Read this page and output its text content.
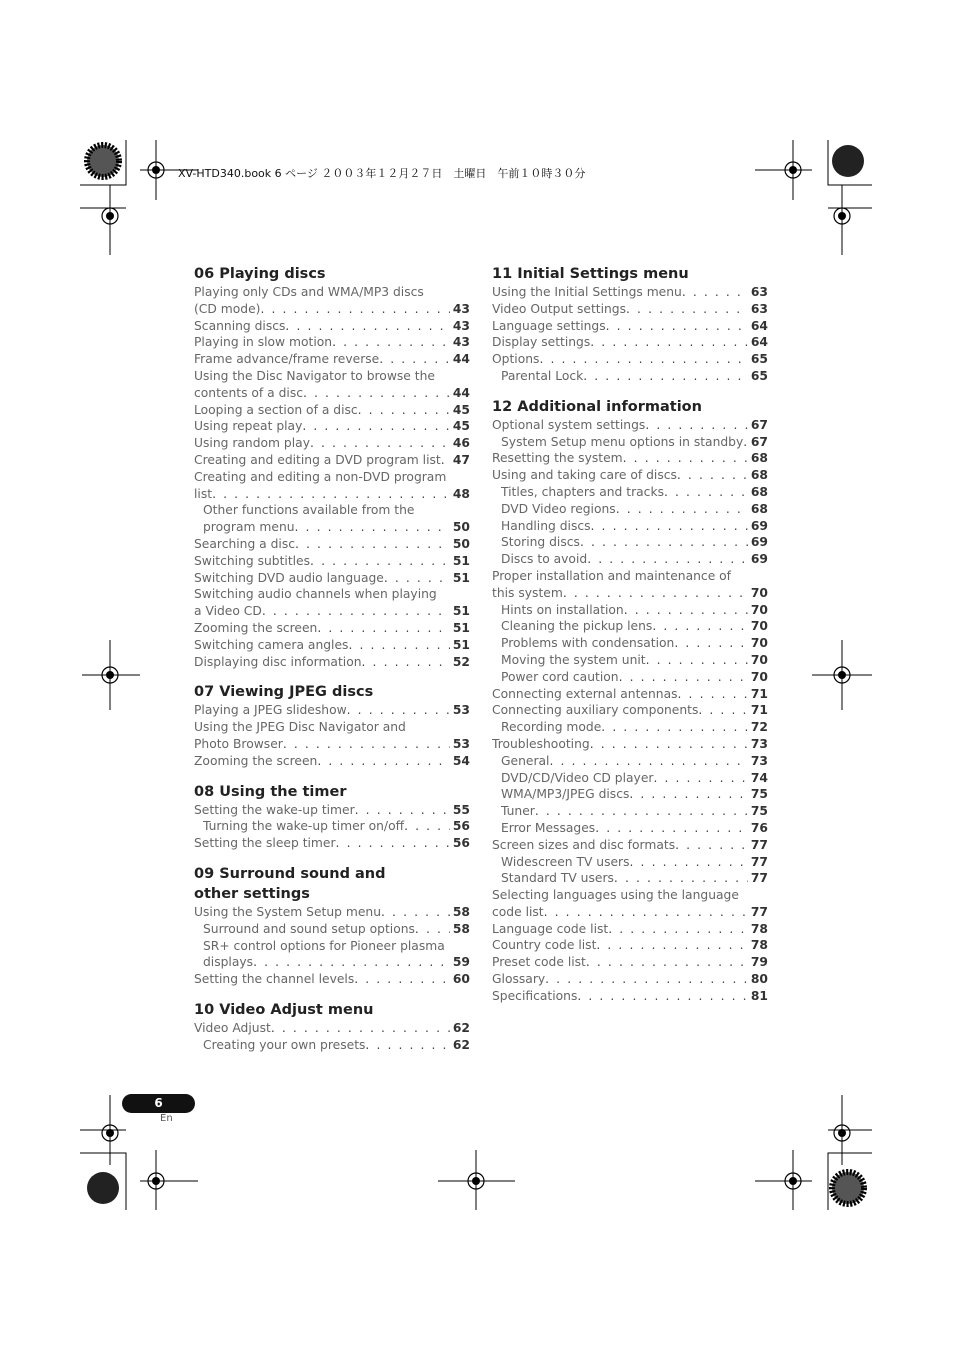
XV-HTD340.book 6 ページ ２００３年１２月２７日　土曜日　午前１０時３０分
06 Playing discs
Playing only CDs and WMA/MP3 discs
(CD mode) . . .	43
Scanning discs . . .	43
Playing in slow motion . . .	43
Frame advance/frame reverse . . .	44
Using the Disc Navigator to browse the
contents of a disc . . .	44
Looping a section of a disc . . .	45
Using repeat play . . .	45
Using random play . . .	46
Creating and editing a DVD program list . . . 47
Creating and editing a non-DVD program
list . . .	48
Other functions available from the
program menu . . .	50
Searching a disc . . .	50
Switching subtitles . . .	51
Switching DVD audio language . . .	51
Switching audio channels when playing
a Video CD . . .	51
Zooming the screen . . .	51
Switching camera angles . . .	51
Displaying disc information . . .	52
07 Viewing JPEG discs
Playing a JPEG slideshow . . .	53
Using the JPEG Disc Navigator and
Photo Browser . . .	53
Zooming the screen . . .	54
08 Using the timer
Setting the wake-up timer . . .	55
Turning the wake-up timer on/off . . .	56
Setting the sleep timer . . .	56
09 Surround sound and other settings
Using the System Setup menu . . .	58
Surround and sound setup options . . .	58
SR+ control options for Pioneer plasma
displays . . .	59
Setting the channel levels . . .	60
10 Video Adjust menu
Video Adjust . . .	62
Creating your own presets . . .	62
11 Initial Settings menu
Using the Initial Settings menu . . .	63
Video Output settings . . .	63
Language settings . . .	64
Display settings . . .	64
Options . . .	65
Parental Lock . . .	65
12 Additional information
Optional system settings . . .	67
System Setup menu options in standby . . . 67
Resetting the system . . .	68
Using and taking care of discs . . .	68
Titles, chapters and tracks . . .	68
DVD Video regions . . .	68
Handling discs . . .	69
Storing discs . . .	69
Discs to avoid . . .	69
Proper installation and maintenance of
this system . . .	70
Hints on installation . . .	70
Cleaning the pickup lens . . .	70
Problems with condensation . . .	70
Moving the system unit . . .	70
Power cord caution . . .	70
Connecting external antennas . . .	71
Connecting auxiliary components . . .	71
Recording mode . . .	72
Troubleshooting . . .	73
General . . .	73
DVD/CD/Video CD player . . .	74
WMA/MP3/JPEG discs . . .	75
Tuner . . .	75
Error Messages . . .	76
Screen sizes and disc formats . . .	77
Widescreen TV users . . .	77
Standard TV users . . .	77
Selecting languages using the language
code list . . .	77
Language code list . . .	78
Country code list . . .	78
Preset code list . . .	79
Glossary . . .	80
Specifications . . .	81
6
En
